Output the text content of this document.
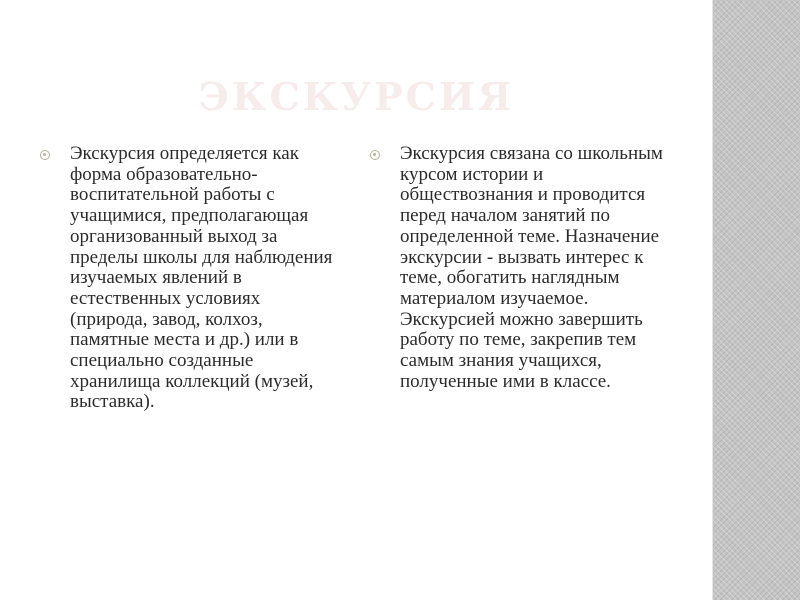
ЭКСКУРСИЯ
Экскурсия определяется как форма образовательно-воспитательной работы с учащимися, предполагающая организованный выход за пределы школы для наблюдения изучаемых явлений в естественных условиях (природа, завод, колхоз, памятные места и др.) или в специально созданные хранилища коллекций (музей, выставка).
Экскурсия связана со школьным курсом истории и обществознания и проводится перед началом занятий по определенной теме. Назначение экскурсии - вызвать интерес к теме, обогатить наглядным материалом изучаемое. Экскурсией можно завершить работу по теме, закрепив тем самым знания учащихся, полученные ими в классе.
